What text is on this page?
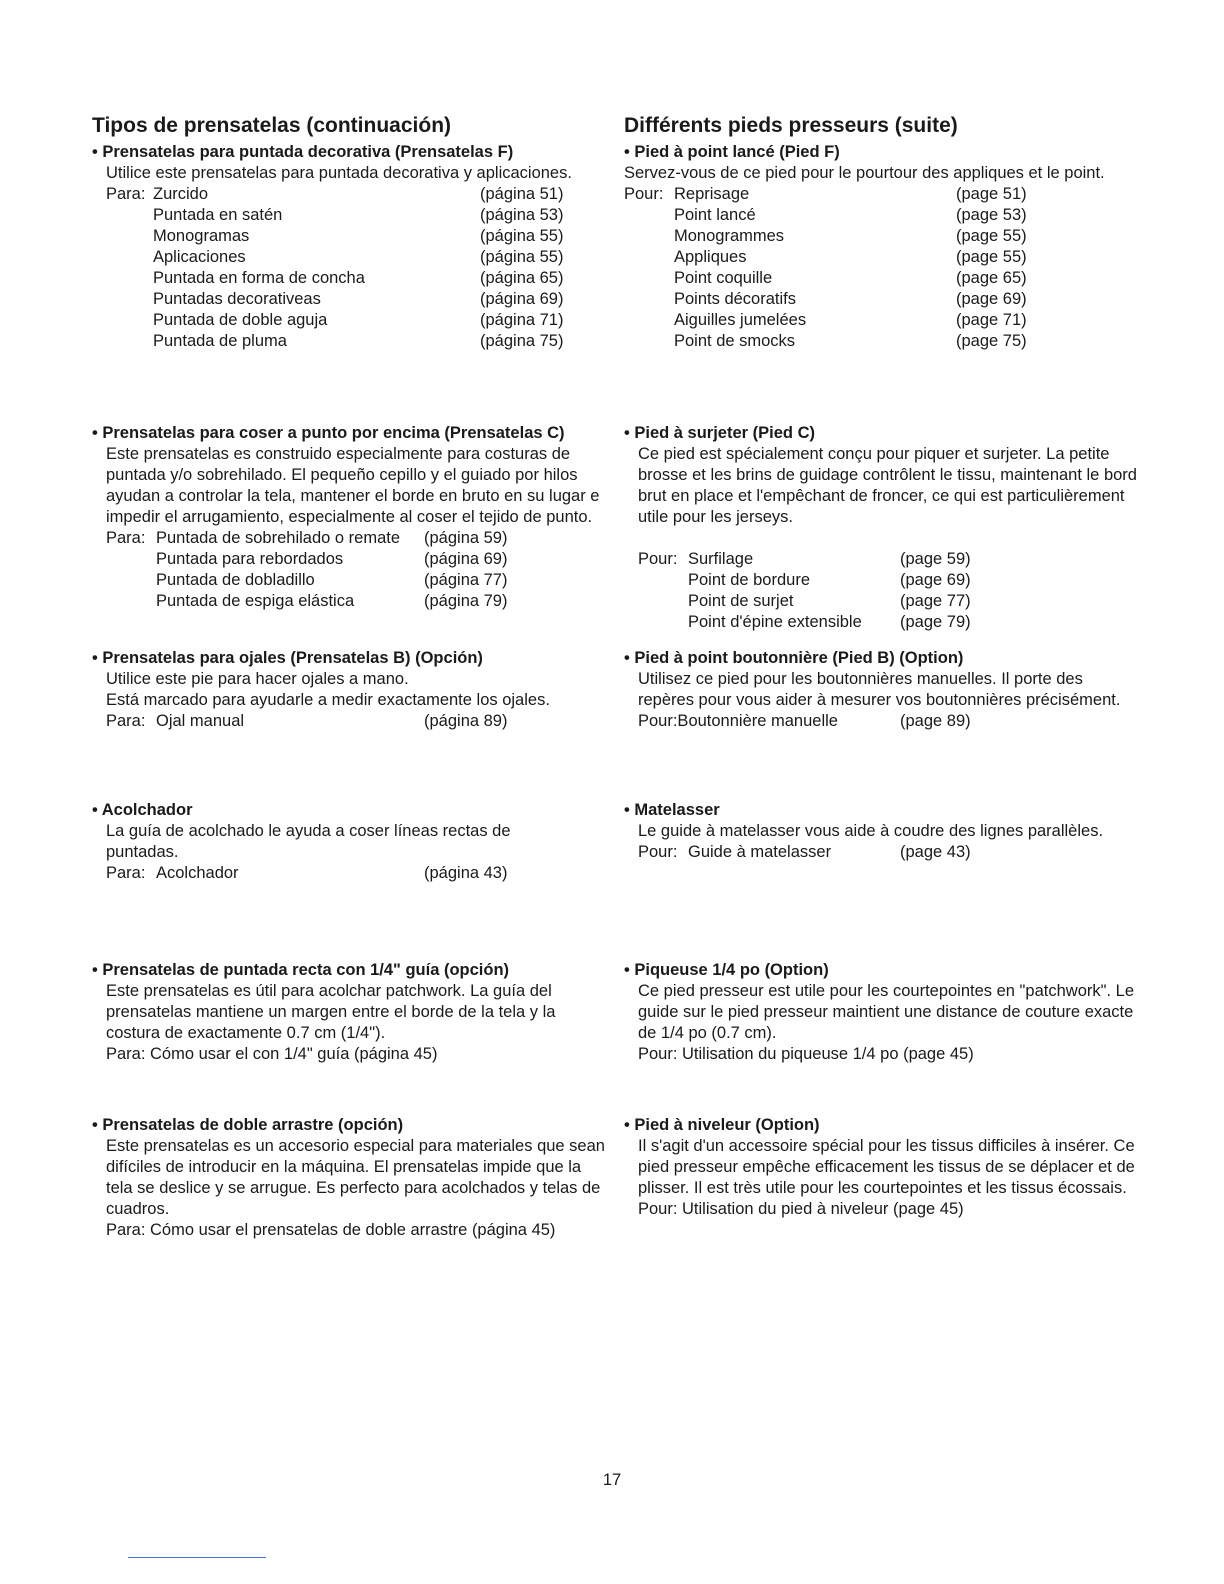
Tipos de prensatelas (continuación)
• Prensatelas para puntada decorativa (Prensatelas F)
Utilice este prensatelas para puntada decorativa y aplicaciones.
Para: Zurcido	(página 51)
Puntada en satén	(página 53)
Monogramas	(página 55)
Aplicaciones	(página 55)
Puntada en forma de concha	(página 65)
Puntadas decorativeas	(página 69)
Puntada de doble aguja	(página 71)
Puntada de pluma	(página 75)
• Prensatelas para coser a punto por encima (Prensatelas C)
Este prensatelas es construido especialmente para costuras de puntada y/o sobrehilado. El pequeño cepillo y el guiado por hilos ayudan a controlar la tela, mantener el borde en bruto en su lugar e impedir el arrugamiento, especialmente al coser el tejido de punto.
Para: Puntada de sobrehilado o remate (página 59)
Puntada para rebordados	(página 69)
Puntada de dobladillo	(página 77)
Puntada de espiga elástica	(página 79)
• Prensatelas para ojales (Prensatelas B) (Opción)
Utilice este pie para hacer ojales a mano.
Está marcado para ayudarle a medir exactamente los ojales.
Para: Ojal manual	(página 89)
• Acolchador
La guía de acolchado le ayuda a coser líneas rectas de puntadas.
Para: Acolchador	(página 43)
• Prensatelas de puntada recta con 1/4" guía (opción)
Este prensatelas es útil para acolchar patchwork. La guía del prensatelas mantiene un margen entre el borde de la tela y la costura de exactamente 0.7 cm (1/4").
Para: Cómo usar el con 1/4" guía (página 45)
• Prensatelas de doble arrastre (opción)
Este prensatelas es un accesorio especial para materiales que sean difíciles de introducir en la máquina. El prensatelas impide que la tela se deslice y se arrugue. Es perfecto para acolchados y telas de cuadros.
Para: Cómo usar el prensatelas de doble arrastre (página 45)
Différents pieds presseurs (suite)
• Pied à point lancé (Pied F)
Servez-vous de ce pied pour le pourtour des appliques et le point.
Pour: Reprisage	(page 51)
Point lancé	(page 53)
Monogrammes	(page 55)
Appliques	(page 55)
Point coquille	(page 65)
Points décoratifs	(page 69)
Aiguilles jumelées	(page 71)
Point de smocks	(page 75)
• Pied à surjeter (Pied C)
Ce pied est spécialement conçu pour piquer et surjeter. La petite brosse et les brins de guidage contrôlent le tissu, maintenant le bord brut en place et l'empêchant de froncer, ce qui est particulièrement utile pour les jerseys.
Pour: Surfilage	(page 59)
Point de bordure	(page 69)
Point de surjet	(page 77)
Point d'épine extensible (page 79)
• Pied à point boutonnière (Pied B) (Option)
Utilisez ce pied pour les boutonnières manuelles. Il porte des repères pour vous aider à mesurer vos boutonnières précisément.
Pour:Boutonnière manuelle	(page 89)
• Matelasser
Le guide à matelasser vous aide à coudre des lignes parallèles.
Pour: Guide à matelasser	(page 43)
• Piqueuse 1/4 po (Option)
Ce pied presseur est utile pour les courtepointes en "patchwork". Le guide sur le pied presseur maintient une distance de couture exacte de 1/4 po (0.7 cm).
Pour: Utilisation du piqueuse 1/4 po (page 45)
• Pied à niveleur (Option)
Il s'agit d'un accessoire spécial pour les tissus difficiles à insérer. Ce pied presseur empêche efficacement les tissus de se déplacer et de plisser. Il est très utile pour les courtepointes et les tissus écossais.
Pour: Utilisation du pied à niveleur (page 45)
17
